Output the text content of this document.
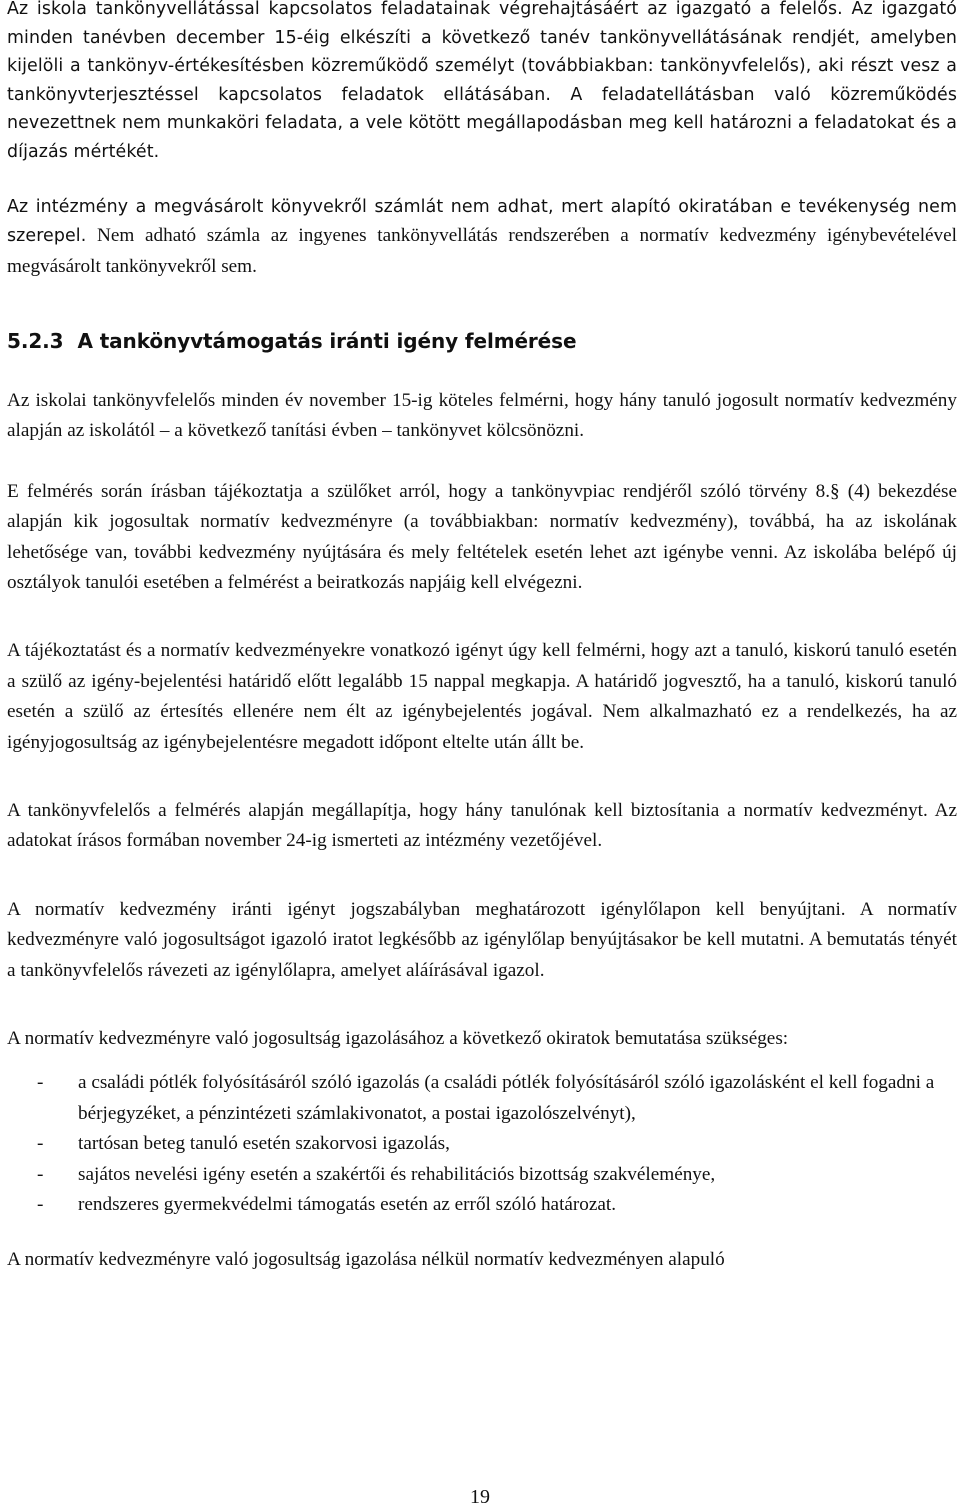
Az iskola tankönyvellátással kapcsolatos feladatainak végrehajtásáért az igazgató a felelős. Az igazgató minden tanévben december 15-éig elkészíti a következő tanév tankönyvellátásának rendjét, amelyben kijelöli a tankönyv-értékesítésben közreműködő személyt (továbbiakban: tankönyvfelelős), aki részt vesz a tankönyvterjesztéssel kapcsolatos feladatok ellátásában. A feladatellátásban való közreműködés nevezettnek nem munkaköri feladata, a vele kötött megállapodásban meg kell határozni a feladatokat és a díjazás mértékét.

Az intézmény a megvásárolt könyvekről számlát nem adhat, mert alapító okiratában e tevékenység nem szerepel. Nem adható számla az ingyenes tankönyvellátás rendszerében a normatív kedvezmény igénybevételével megvásárolt tankönyvekről sem.

5.2.3 A tankönyvtámogatás iránti igény felmérése

Az iskolai tankönyvfelelős minden év november 15-ig köteles felmérni, hogy hány tanuló jogosult normatív kedvezmény alapján az iskolától ‒ a következő tanítási évben ‒ tankönyvet kölcsönözni.

E felmérés során írásban tájékoztatja a szülőket arról, hogy a tankönyvpiac rendjéről szóló törvény 8.§ (4) bekezdése alapján kik jogosultak normatív kedvezményre (a továbbiakban: normatív kedvezmény), továbbá, ha az iskolának lehetősége van, további kedvezmény nyújtására és mely feltételek esetén lehet azt igénybe venni. Az iskolába belépő új osztályok tanulói esetében a felmérést a beiratkozás napjáig kell elvégezni.

A tájékoztatást és a normatív kedvezményekre vonatkozó igényt úgy kell felmérni, hogy azt a tanuló, kiskorú tanuló esetén a szülő az igény-bejelentési határidő előtt legalább 15 nappal megkapja. A határidő jogvesztő, ha a tanuló, kiskorú tanuló esetén a szülő az értesítés ellenére nem élt az igénybejelentés jogával. Nem alkalmazható ez a rendelkezés, ha az igényjogosultság az igénybejelentésre megadott időpont eltelte után állt be.

A tankönyvfelelős a felmérés alapján megállapítja, hogy hány tanulónak kell biztosítania a normatív kedvezményt. Az adatokat írásos formában november 24-ig ismerteti az intézmény vezetőjével.

A normatív kedvezmény iránti igényt jogszabályban meghatározott igénylőlapon kell benyújtani. A normatív kedvezményre való jogosultságot igazoló iratot legkésőbb az igénylőlap benyújtásakor be kell mutatni. A bemutatás tényét a tankönyvfelelős rávezeti az igénylőlapra, amelyet aláírásával igazol.

A normatív kedvezményre való jogosultság igazolásához a következő okiratok bemutatása szükséges:

- a családi pótlék folyósításáról szóló igazolás (a családi pótlék folyósításáról szóló igazolásként el kell fogadni a bérjegyzéket, a pénzintézeti számlakivonatot, a postai igazolószelvényt),
- tartósan beteg tanuló esetén szakorvosi igazolás,
- sajátos nevelési igény esetén a szakértői és rehabilitációs bizottság szakvéleménye,
- rendszeres gyermekvédelmi támogatás esetén az erről szóló határozat.

A normatív kedvezményre való jogosultság igazolása nélkül normatív kedvezményen alapuló

19
